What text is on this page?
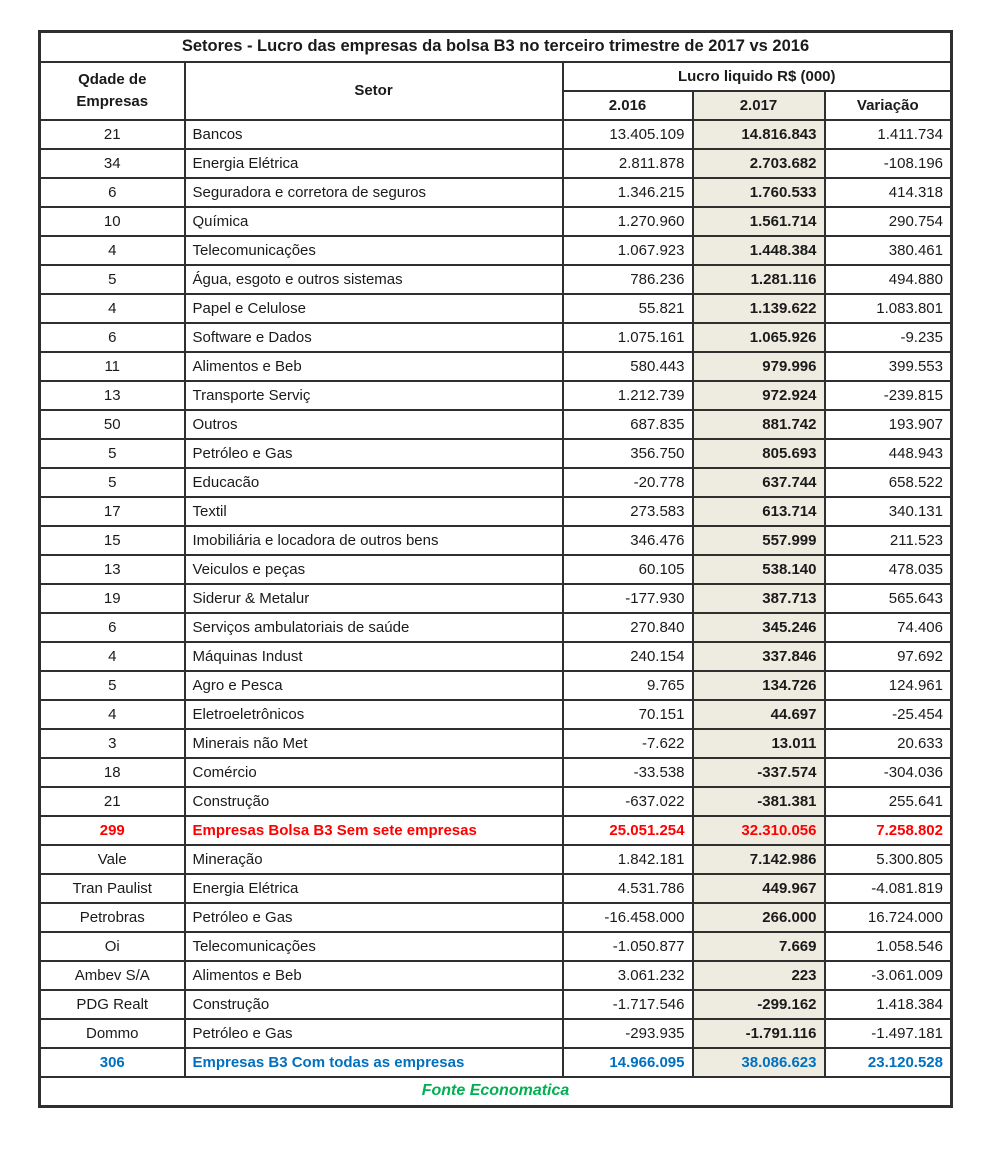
Setores - Lucro das empresas da bolsa B3 no terceiro trimestre de 2017 vs 2016				

Qdade de
Empresas	Setor	Lucro liquido R$ (000)		
		2.016	2.017	Variação
21	Bancos	13.405.109	14.816.843	1.411.734
34	Energia Elétrica	2.811.878	2.703.682	-108.196
6	Seguradora e corretora de seguros	1.346.215	1.760.533	414.318
10	Química	1.270.960	1.561.714	290.754
4	Telecomunicações	1.067.923	1.448.384	380.461
5	Água, esgoto e outros sistemas	786.236	1.281.116	494.880
4	Papel e Celulose	55.821	1.139.622	1.083.801
6	Software e Dados	1.075.161	1.065.926	-9.235
11	Alimentos e Beb	580.443	979.996	399.553
13	Transporte Serviç	1.212.739	972.924	-239.815
50	Outros	687.835	881.742	193.907
5	Petróleo e Gas	356.750	805.693	448.943
5	Educacão	-20.778	637.744	658.522
17	Textil	273.583	613.714	340.131
15	Imobiliária e locadora de outros bens	346.476	557.999	211.523
13	Veiculos e peças	60.105	538.140	478.035
19	Siderur & Metalur	-177.930	387.713	565.643
6	Serviços ambulatoriais de saúde	270.840	345.246	74.406
4	Máquinas Indust	240.154	337.846	97.692
5	Agro e Pesca	9.765	134.726	124.961
4	Eletroeletrônicos	70.151	44.697	-25.454
3	Minerais não Met	-7.622	13.011	20.633
18	Comércio	-33.538	-337.574	-304.036
21	Construção	-637.022	-381.381	255.641
299	Empresas Bolsa B3 Sem sete empresas	25.051.254	32.310.056	7.258.802
Vale	Mineração	1.842.181	7.142.986	5.300.805
Tran Paulist	Energia Elétrica	4.531.786	449.967	-4.081.819
Petrobras	Petróleo e Gas	-16.458.000	266.000	16.724.000
Oi	Telecomunicações	-1.050.877	7.669	1.058.546
Ambev S/A	Alimentos e Beb	3.061.232	223	-3.061.009
PDG Realt	Construção	-1.717.546	-299.162	1.418.384
Dommo	Petróleo e Gas	-293.935	-1.791.116	-1.497.181
306	Empresas B3 Com todas as empresas	14.966.095	38.086.623	23.120.528
Fonte Economatica				
